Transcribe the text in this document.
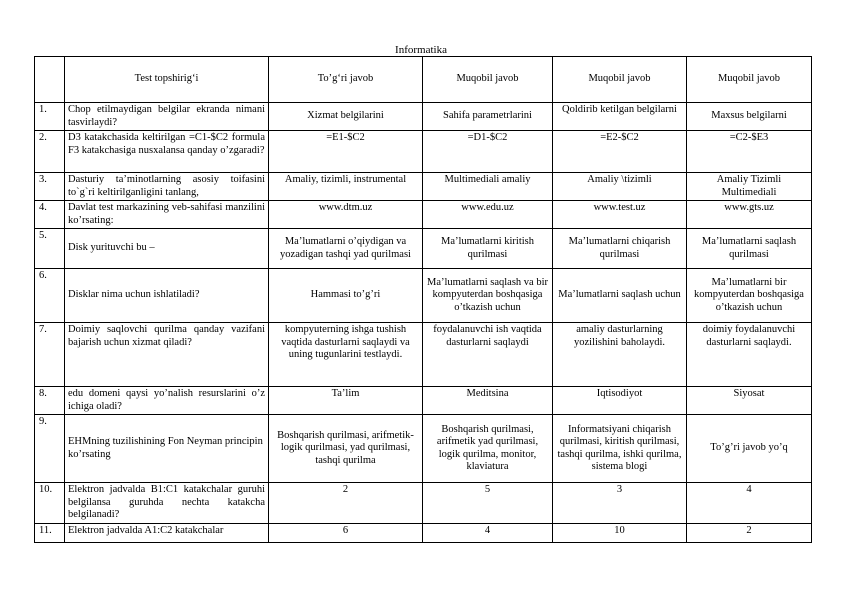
Informatika
	Test topshirig‘i	To’g‘ri javob	Muqobil javob	Muqobil javob	Muqobil javob
1.	Chop etilmaydigan belgilar ekranda nimani tasvirlaydi?	Xizmat belgilarini	Sahifa parametrlarini	Qoldirib ketilgan belgilarni	Maxsus belgilarni
2.	D3 katakchasida keltirilgan =C1-$C2 formula F3 katakchasiga nusxalansa qanday o’zgaradi?	=E1-$C2	=D1-$C2	=E2-$C2	=C2-$E3
3.	Dasturiy ta’minotlarning asosiy toifasini to`g`ri keltirilganligini tanlang,	Amaliy, tizimli, instrumental	Multimediali amaliy	Amaliy \tizimli	Amaliy Tizimli Multimediali
4.	Davlat test markazining veb-sahifasi manzilini ko’rsating:	www.dtm.uz	www.edu.uz	www.test.uz	www.gts.uz
5.	Disk yurituvchi bu –	Ma’lumatlarni o’qiydigan va yozadigan tashqi yad qurilmasi	Ma’lumatlarni kiritish qurilmasi	Ma’lumatlarni chiqarish qurilmasi	Ma’lumatlarni saqlash qurilmasi
6.	Disklar nima uchun ishlatiladi?	Hammasi to’g’ri	Ma’lumatlarni saqlash va bir kompyuterdan boshqasiga o’tkazish uchun	Ma’lumatlarni saqlash uchun	Ma’lumatlarni bir kompyuterdan boshqasiga o’tkazish uchun
7.	Doimiy saqlovchi qurilma qanday vazifani bajarish uchun xizmat qiladi?	kompyuterning ishga tushish vaqtida dasturlarni saqlaydi va uning tugunlarini testlaydi.	foydalanuvchi ish vaqtida dasturlarni saqlaydi	amaliy dasturlarning yozilishini baholaydi.	doimiy foydalanuvchi dasturlarni saqlaydi.
8.	edu domeni qaysi yo’nalish resurslarini o’z ichiga oladi?	Ta’lim	Meditsina	Iqtisodiyot	Siyosat
9.	EHMning tuzilishining Fon Neyman principin ko’rsating	Boshqarish qurilmasi, arifmetik-logik qurilmasi, yad qurilmasi, tashqi qurilma	Boshqarish qurilmasi, arifmetik yad qurilmasi, logik qurilma, monitor, klaviatura	Informatsiyani chiqarish qurilmasi, kiritish qurilmasi, tashqi qurilma, ishki qurilma, sistema blogi	To’g’ri javob yo’q
10.	Elektron jadvalda B1:C1 katakchalar guruhi belgilansa guruhda nechta katakcha belgilanadi?	2	5	3	4
11.	Elektron jadvalda A1:C2 katakchalar	6	4	10	2
